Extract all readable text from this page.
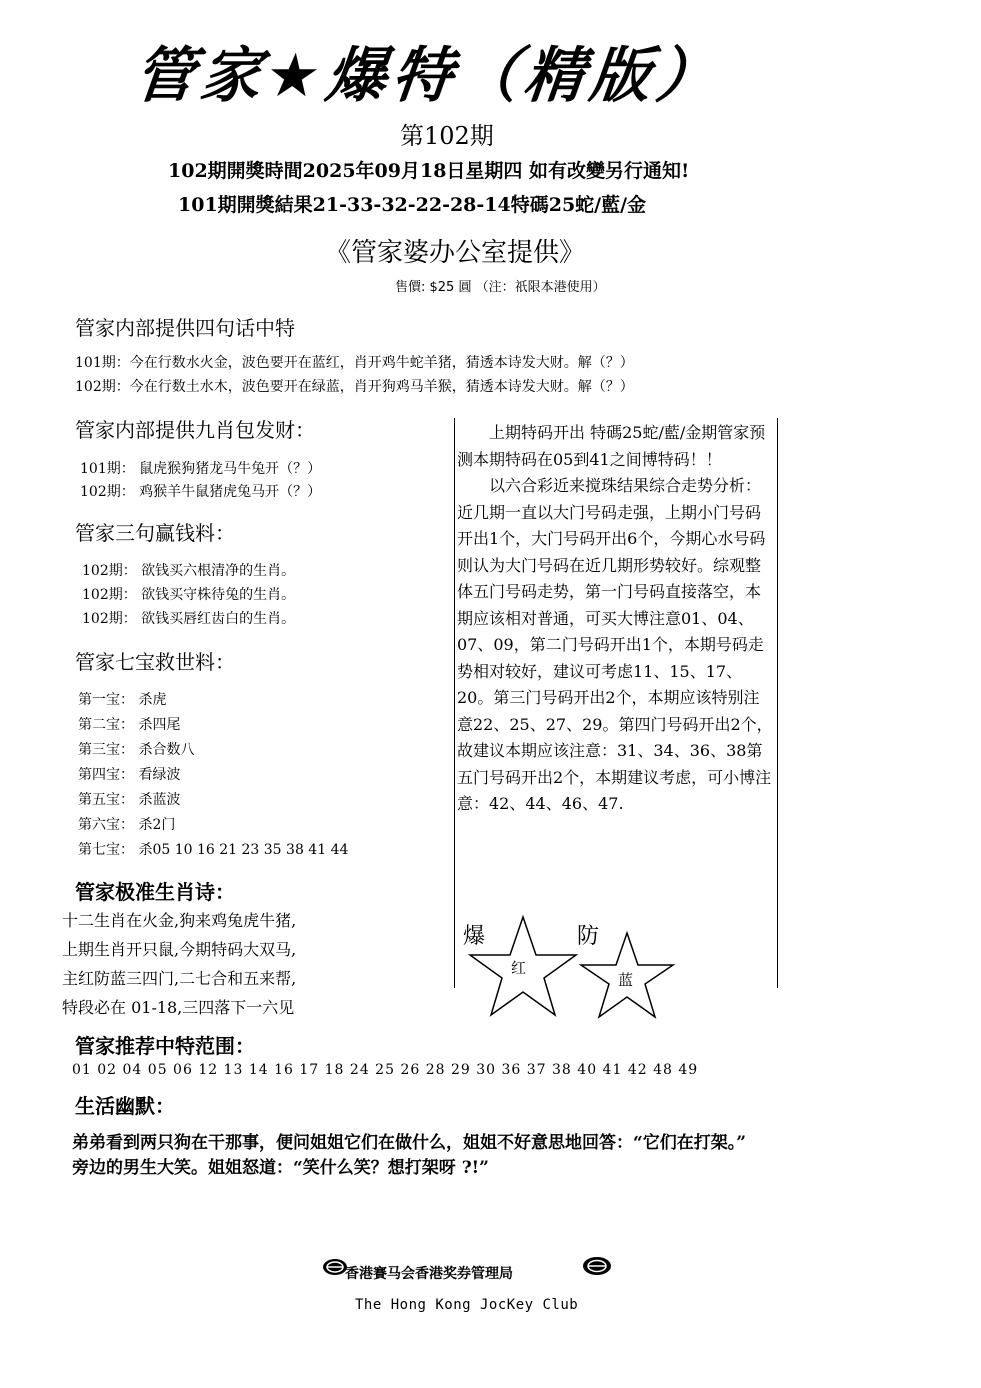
管家★爆特（精版）
第102期
102期開獎時間2025年09月18日星期四 如有改變另行通知!
101期開獎結果21-33-32-22-28-14特碼25蛇/藍/金
《管家婆办公室提供》
售價: $25 圓 （注：祇限本港使用）
管家内部提供四句话中特
101期：今在行数水火金，波色要开在蓝红，肖开鸡牛蛇羊猪，猜透本诗发大财。解（？）
102期：今在行数土水木，波色要开在绿蓝，肖开狗鸡马羊猴，猜透本诗发大财。解（？）
管家内部提供九肖包发财：
101期： 鼠虎猴狗猪龙马牛兔开（？）
102期： 鸡猴羊牛鼠猪虎兔马开（？）
管家三句赢钱料：
102期： 欲钱买六根清净的生肖。
102期： 欲钱买守株待兔的生肖。
102期： 欲钱买唇红齿白的生肖。
管家七宝救世料：
第一宝： 杀虎
第二宝： 杀四尾
第三宝： 杀合数八
第四宝： 看绿波
第五宝： 杀蓝波
第六宝： 杀2门
第七宝： 杀05 10 16 21 23 35 38 41 44
管家极准生肖诗：
十二生肖在火金,狗来鸡兔虎牛猪,
上期生肖开只鼠,今期特码大双马,
主红防蓝三四门,二七合和五来帮,
特段必在 01-18,三四落下一六见
管家推荐中特范围：
01 02 04 05 06 12 13 14 16 17 18 24 25 26 28 29 30 36 37 38 40 41 42 48 49
生活幽默：
弟弟看到两只狗在干那事，便问姐姐它们在做什么，姐姐不好意思地回答：“它们在打架。”
旁边的男生大笑。姐姐怒道：“笑什么笑？想打架呀 ?!”

上期特码开出 特碼25蛇/藍/金期管家预测本期特码在05到41之间博特码！！

以六合彩近来搅珠结果综合走势分析：近几期一直以大门号码走强，上期小门号码开出1个，大门号码开出6个，今期心水号码则认为大门号码在近几期形势较好。综观整体五门号码走势，第一门号码直接落空，本期应该相对普通，可买大博注意01、04、07、09，第二门号码开出1个，本期号码走势相对较好，建议可考虑11、15、17、20。第三门号码开出2个，本期应该特别注意22、25、27、29。第四门号码开出2个，故建议本期应该注意：31、34、36、38第五门号码开出2个，本期建议考虑，可小博注意：42、44、46、47.

爆
红
防
蓝
香港賽马会香港奖券管理局
The Hong Kong JocKey Club
